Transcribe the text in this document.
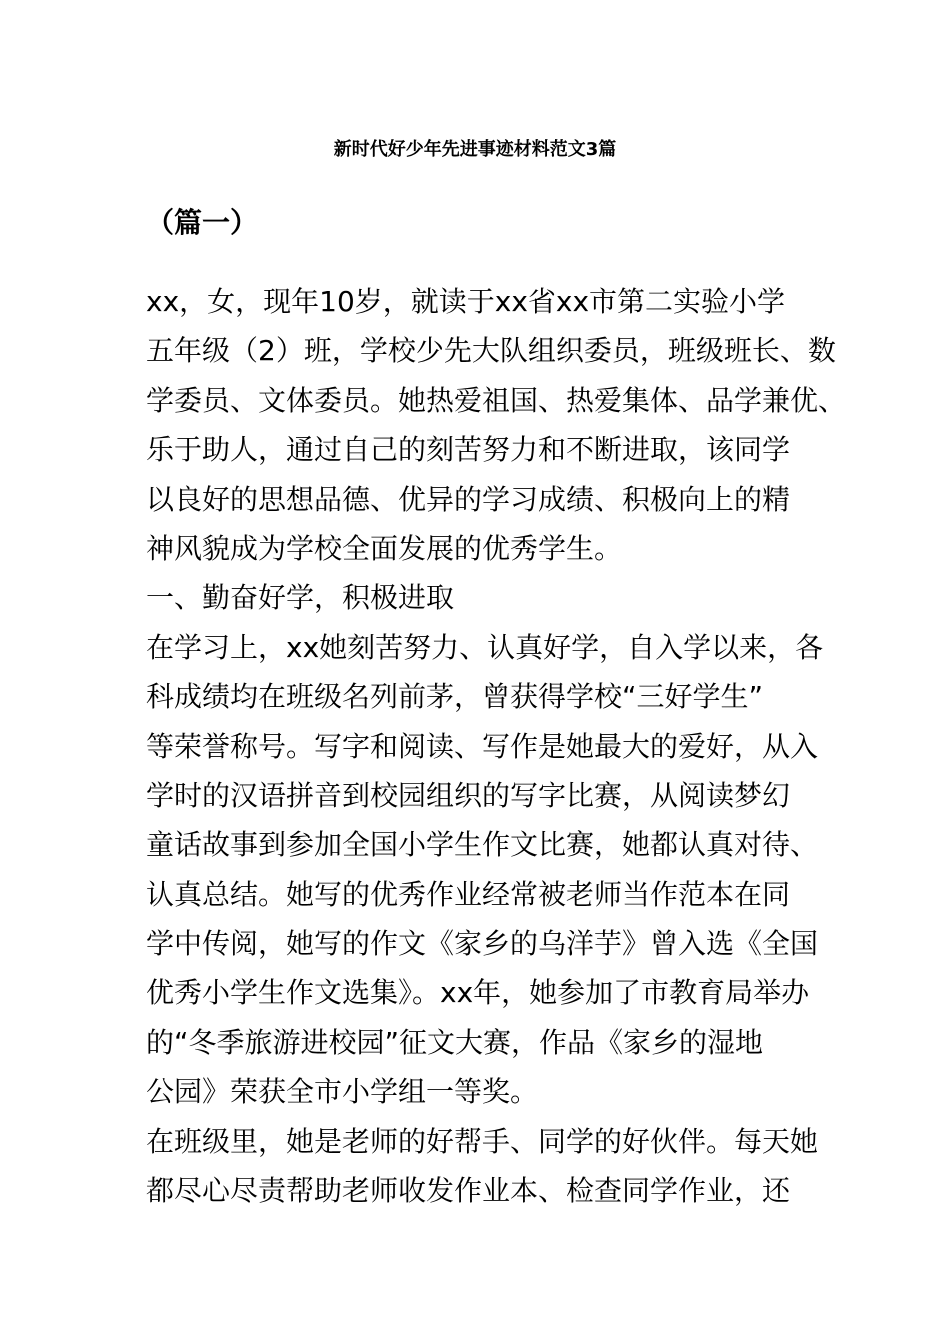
新时代好少年先进事迹材料范文3篇
（篇一）
xx，女，现年10岁，就读于xx省xx市第二实验小学
五年级（2）班，学校少先大队组织委员，班级班长、数
学委员、文体委员。她热爱祖国、热爱集体、品学兼优、
乐于助人，通过自己的刻苦努力和不断进取，该同学
以良好的思想品德、优异的学习成绩、积极向上的精
神风貌成为学校全面发展的优秀学生。
一、勤奋好学，积极进取
在学习上，xx她刻苦努力、认真好学，自入学以来，各
科成绩均在班级名列前茅，曾获得学校“三好学生”
等荣誉称号。写字和阅读、写作是她最大的爱好，从入
学时的汉语拼音到校园组织的写字比赛，从阅读梦幻
童话故事到参加全国小学生作文比赛，她都认真对待、
认真总结。她写的优秀作业经常被老师当作范本在同
学中传阅，她写的作文《家乡的乌洋芋》曾入选《全国
优秀小学生作文选集》。xx年，她参加了市教育局举办
的“冬季旅游进校园”征文大赛，作品《家乡的湿地
公园》荣获全市小学组一等奖。
在班级里，她是老师的好帮手、同学的好伙伴。每天她
都尽心尽责帮助老师收发作业本、检查同学作业，还
